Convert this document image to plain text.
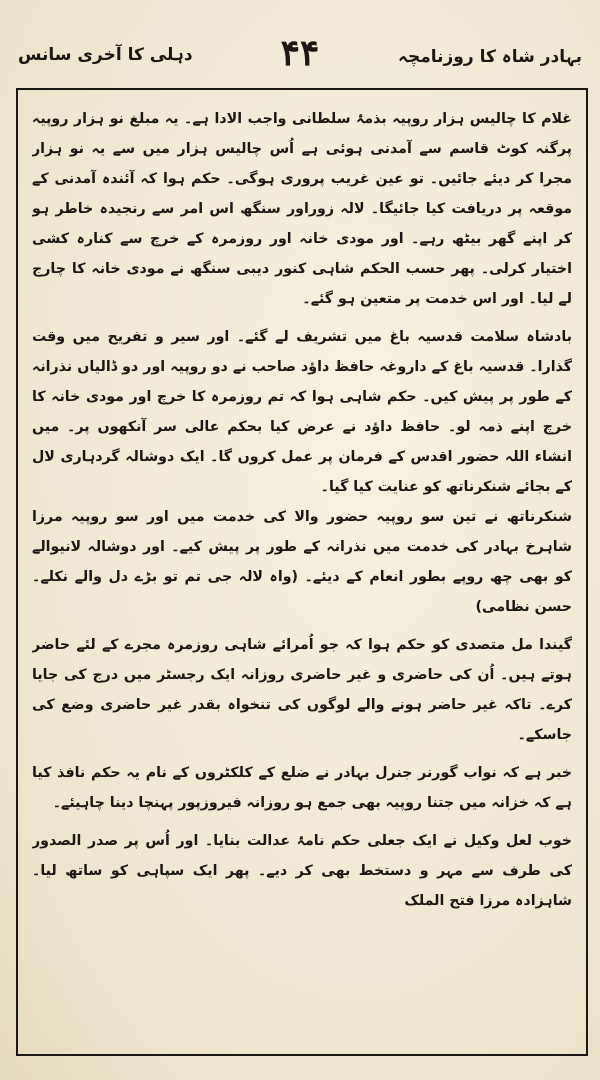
بہادر شاہ کا روزنامچہ
۴۴
دہلی کا آخری سانس

غلام کا چالیس ہزار روپیہ بذمۂ سلطانی واجب الادا ہے۔ یہ مبلغ نو ہزار روپیہ پرگنہ کوٹ قاسم سے آمدنی ہوئی ہے اُس چالیس ہزار میں سے یہ نو ہزار مجرا کر دیئے جائیں۔ تو عین غریب پروری ہوگی۔ حکم ہوا کہ آئندہ آمدنی کے موقعہ پر دریافت کیا جائیگا۔ لالہ زوراور سنگھ اس امر سے رنجیدہ خاطر ہو کر اپنے گھر بیٹھ رہے۔ اور مودی خانہ اور روزمرہ کے خرچ سے کنارہ کشی اختیار کرلی۔ پھر حسب الحکم شاہی کنور دیبی سنگھ نے مودی خانہ کا چارج لے لیا۔ اور اس خدمت پر متعین ہو گئے۔

بادشاہ سلامت قدسیہ باغ میں تشریف لے گئے۔ اور سیر و تفریح میں وقت گذارا۔ قدسیہ باغ کے داروغہ حافظ داؤد صاحب نے دو روپیہ اور دو ڈالیاں نذرانہ کے طور پر پیش کیں۔ حکم شاہی ہوا کہ تم روزمرہ کا خرچ اور مودی خانہ کا خرچ اپنے ذمہ لو۔ حافظ داؤد نے عرض کیا بحکم عالی سر آنکھوں پر۔ میں انشاء اللہ حضور اقدس کے فرمان پر عمل کروں گا۔ ایک دوشالہ گردہاری لال کے بجائے شنکرناتھ کو عنایت کیا گیا۔

شنکرناتھ نے تین سو روپیہ حضور والا کی خدمت میں اور سو روپیہ مرزا شاہرخ بہادر کی خدمت میں نذرانہ کے طور پر پیش کیے۔ اور دوشالہ لانیوالے کو بھی چھ روپے بطور انعام کے دیئے۔ (واہ لالہ جی تم تو بڑے دل والے نکلے۔ حسن نظامی)

گیندا مل متصدی کو حکم ہوا کہ جو اُمرائے شاہی روزمرہ مجرے کے لئے حاضر ہوتے ہیں۔ اُن کی حاضری و غیر حاضری روزانہ ایک رجسٹر میں درج کی جایا کرے۔ تاکہ غیر حاضر ہونے والے لوگوں کی تنخواہ بقدر غیر حاضری وضع کی جاسکے۔

خبر ہے کہ نواب گورنر جنرل بہادر نے ضلع کے کلکٹروں کے نام یہ حکم نافذ کیا ہے کہ خزانہ میں جتنا روپیہ بھی جمع ہو روزانہ فیروزپور پہنچا دینا چاہیئے۔

خوب لعل وکیل نے ایک جعلی حکم نامۂ عدالت بنایا۔ اور اُس پر صدر الصدور کی طرف سے مہر و دستخط بھی کر دیے۔ پھر ایک سپاہی کو ساتھ لیا۔ شاہزادہ مرزا فتح الملک
